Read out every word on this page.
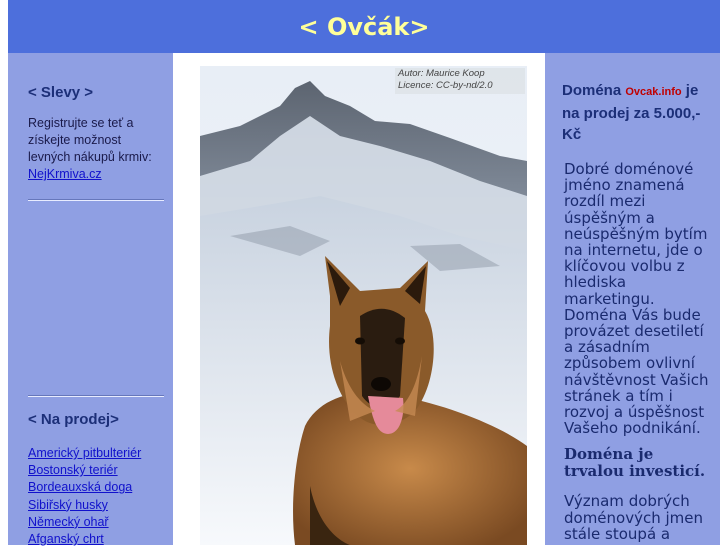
< Ovčák>

< Slevy >

Registrujte se teť a získejte možnost levných nákupů krmiv:
NejKrmiva.cz

< Na prodej>

Americký pitbulteriér
Bostonský teriér
Bordeauxská doga
Sibiřský husky
Německý ohař
Afganský chrt
Autor: Maurice Koop
Licence: CC-by-nd/2.0	Doména Ovcak.info je na prodej za 5.000,-Kč

Dobré doménové jméno znamená rozdíl mezi úspěšným a neúspěšným bytím na internetu, jde o klíčovou volbu z hlediska marketingu. Doména Vás bude provázet desetiletí a zásadním způsobem ovlivní návštěvnost Vašich stránek a tím i rozvoj a úspěšnost Vašeho podnikání.
Doména je trvalou investicí.
Význam dobrých doménových jmen stále stoupá a
